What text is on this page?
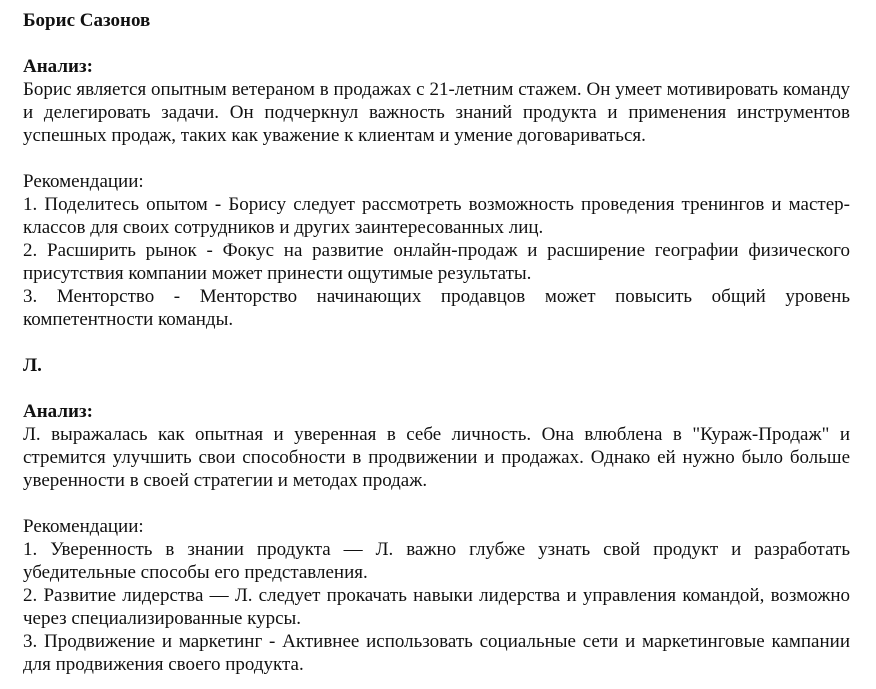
Борис Сазонов

Анализ:

Борис является опытным ветераном в продажах с 21-летним стажем. Он умеет мотивировать команду и делегировать задачи. Он подчеркнул важность знаний продукта и применения инструментов успешных продаж, таких как уважение к клиентам и умение договариваться.

Рекомендации:

1. Поделитесь опытом - Борису следует рассмотреть возможность проведения тренингов и мастер-классов для своих сотрудников и других заинтересованных лиц.

2. Расширить рынок - Фокус на развитие онлайн-продаж и расширение географии физического присутствия компании может принести ощутимые результаты.

3. Менторство - Менторство начинающих продавцов может повысить общий уровень компетентности команды.

Л.

Анализ:

Л. выражалась как опытная и уверенная в себе личность. Она влюблена в "Кураж-Продаж" и стремится улучшить свои способности в продвижении и продажах. Однако ей нужно было больше уверенности в своей стратегии и методах продаж.

Рекомендации:

1. Уверенность в знании продукта — Л. важно глубже узнать свой продукт и разработать убедительные способы его представления.

2. Развитие лидерства — Л. следует прокачать навыки лидерства и управления командой, возможно через специализированные курсы.

3. Продвижение и маркетинг - Активнее использовать социальные сети и маркетинговые кампании для продвижения своего продукта.
